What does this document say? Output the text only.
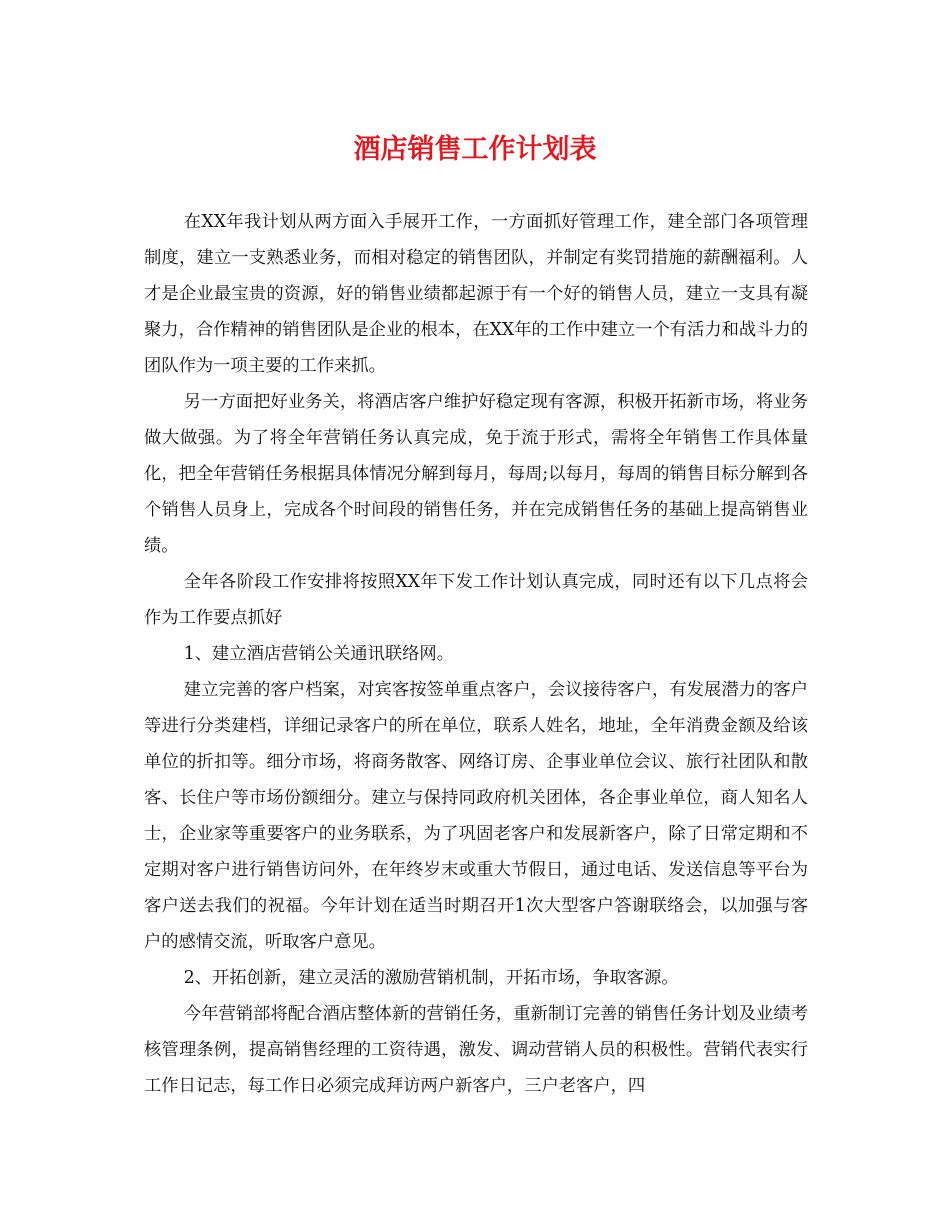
酒店销售工作计划表

在XX年我计划从两方面入手展开工作，一方面抓好管理工作，建全部门各项管理制度，建立一支熟悉业务，而相对稳定的销售团队，并制定有奖罚措施的薪酬福利。人才是企业最宝贵的资源，好的销售业绩都起源于有一个好的销售人员，建立一支具有凝聚力，合作精神的销售团队是企业的根本，在XX年的工作中建立一个有活力和战斗力的团队作为一项主要的工作来抓。

另一方面把好业务关，将酒店客户维护好稳定现有客源，积极开拓新市场，将业务做大做强。为了将全年营销任务认真完成，免于流于形式，需将全年销售工作具体量化，把全年营销任务根据具体情况分解到每月，每周;以每月，每周的销售目标分解到各个销售人员身上，完成各个时间段的销售任务，并在完成销售任务的基础上提高销售业绩。

全年各阶段工作安排将按照XX年下发工作计划认真完成，同时还有以下几点将会作为工作要点抓好

1、建立酒店营销公关通讯联络网。

建立完善的客户档案，对宾客按签单重点客户，会议接待客户，有发展潜力的客户等进行分类建档，详细记录客户的所在单位，联系人姓名，地址，全年消费金额及给该单位的折扣等。细分市场，将商务散客、网络订房、企事业单位会议、旅行社团队和散客、长住户等市场份额细分。建立与保持同政府机关团体，各企事业单位，商人知名人士，企业家等重要客户的业务联系，为了巩固老客户和发展新客户，除了日常定期和不定期对客户进行销售访问外，在年终岁末或重大节假日，通过电话、发送信息等平台为客户送去我们的祝福。今年计划在适当时期召开1次大型客户答谢联络会，以加强与客户的感情交流，听取客户意见。

2、开拓创新，建立灵活的激励营销机制，开拓市场，争取客源。

今年营销部将配合酒店整体新的营销任务，重新制订完善的销售任务计划及业绩考核管理条例，提高销售经理的工资待遇，激发、调动营销人员的积极性。营销代表实行工作日记志，每工作日必须完成拜访两户新客户，三户老客户，四
